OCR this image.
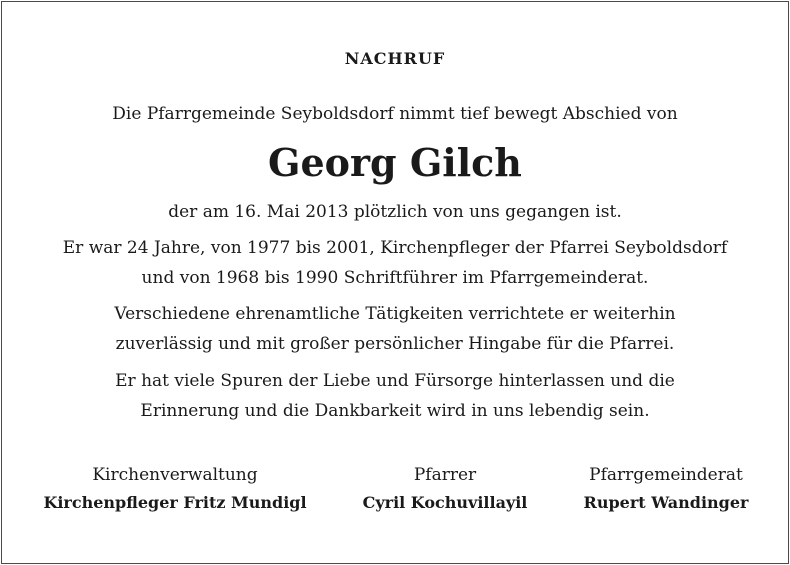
NACHRUF
Die Pfarrgemeinde Seyboldsdorf nimmt tief bewegt Abschied von
Georg Gilch
der am 16. Mai 2013 plötzlich von uns gegangen ist.
Er war 24 Jahre, von 1977 bis 2001, Kirchenpfleger der Pfarrei Seyboldsdorf
und von 1968 bis 1990 Schriftführer im Pfarrgemeinderat.
Verschiedene ehrenamtliche Tätigkeiten verrichtete er weiterhin
zuverlässig und mit großer persönlicher Hingabe für die Pfarrei.
Er hat viele Spuren der Liebe und Fürsorge hinterlassen und die
Erinnerung und die Dankbarkeit wird in uns lebendig sein.
Kirchenverwaltung
Kirchenpfleger Fritz Mundigl
Pfarrer
Cyril Kochuvillayil
Pfarrgemeinderat
Rupert Wandinger
